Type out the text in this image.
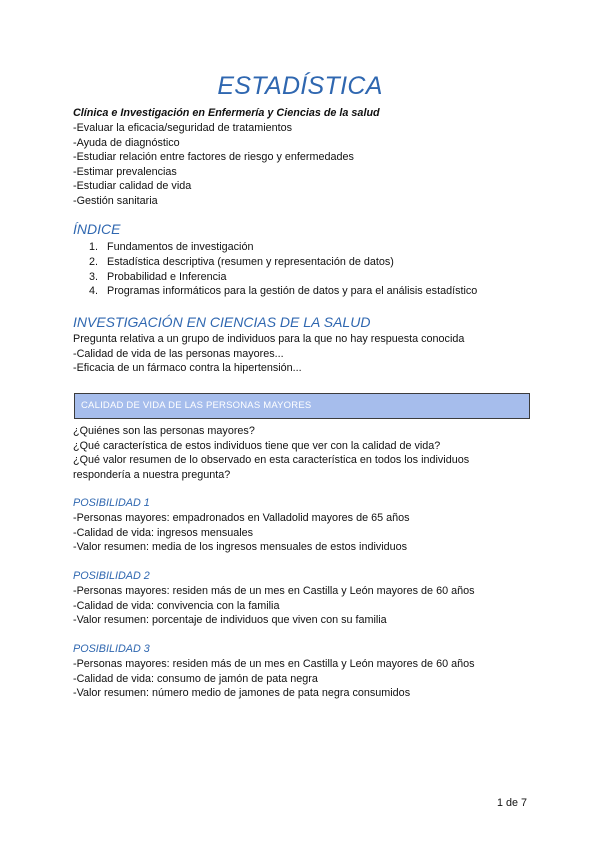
ESTADÍSTICA
Clínica e Investigación en Enfermería y Ciencias de la salud
-Evaluar la eficacia/seguridad de tratamientos
-Ayuda de diagnóstico
-Estudiar relación entre factores de riesgo y enfermedades
-Estimar prevalencias
-Estudiar calidad de vida
-Gestión sanitaria
ÍNDICE
1. Fundamentos de investigación
2. Estadística descriptiva (resumen y representación de datos)
3. Probabilidad e Inferencia
4. Programas informáticos para la gestión de datos y para el análisis estadístico
INVESTIGACIÓN EN CIENCIAS DE LA SALUD
Pregunta relativa a un grupo de individuos para la que no hay respuesta conocida
-Calidad de vida de las personas mayores...
-Eficacia de un fármaco contra la hipertensión...
CALIDAD DE VIDA DE LAS PERSONAS MAYORES
¿Quiénes son las personas mayores?
¿Qué característica de estos individuos tiene que ver con la calidad de vida?
¿Qué valor resumen de lo observado en esta característica en todos los individuos
respondería a nuestra pregunta?
POSIBILIDAD 1
-Personas mayores: empadronados en Valladolid mayores de 65 años
-Calidad de vida: ingresos mensuales
-Valor resumen: media de los ingresos mensuales de estos individuos
POSIBILIDAD 2
-Personas mayores: residen más de un mes en Castilla y León mayores de 60 años
-Calidad de vida: convivencia con la familia
-Valor resumen: porcentaje de individuos que viven con su familia
POSIBILIDAD 3
-Personas mayores: residen más de un mes en Castilla y León mayores de 60 años
-Calidad de vida: consumo de jamón de pata negra
-Valor resumen: número medio de jamones de pata negra consumidos
1 de 7
